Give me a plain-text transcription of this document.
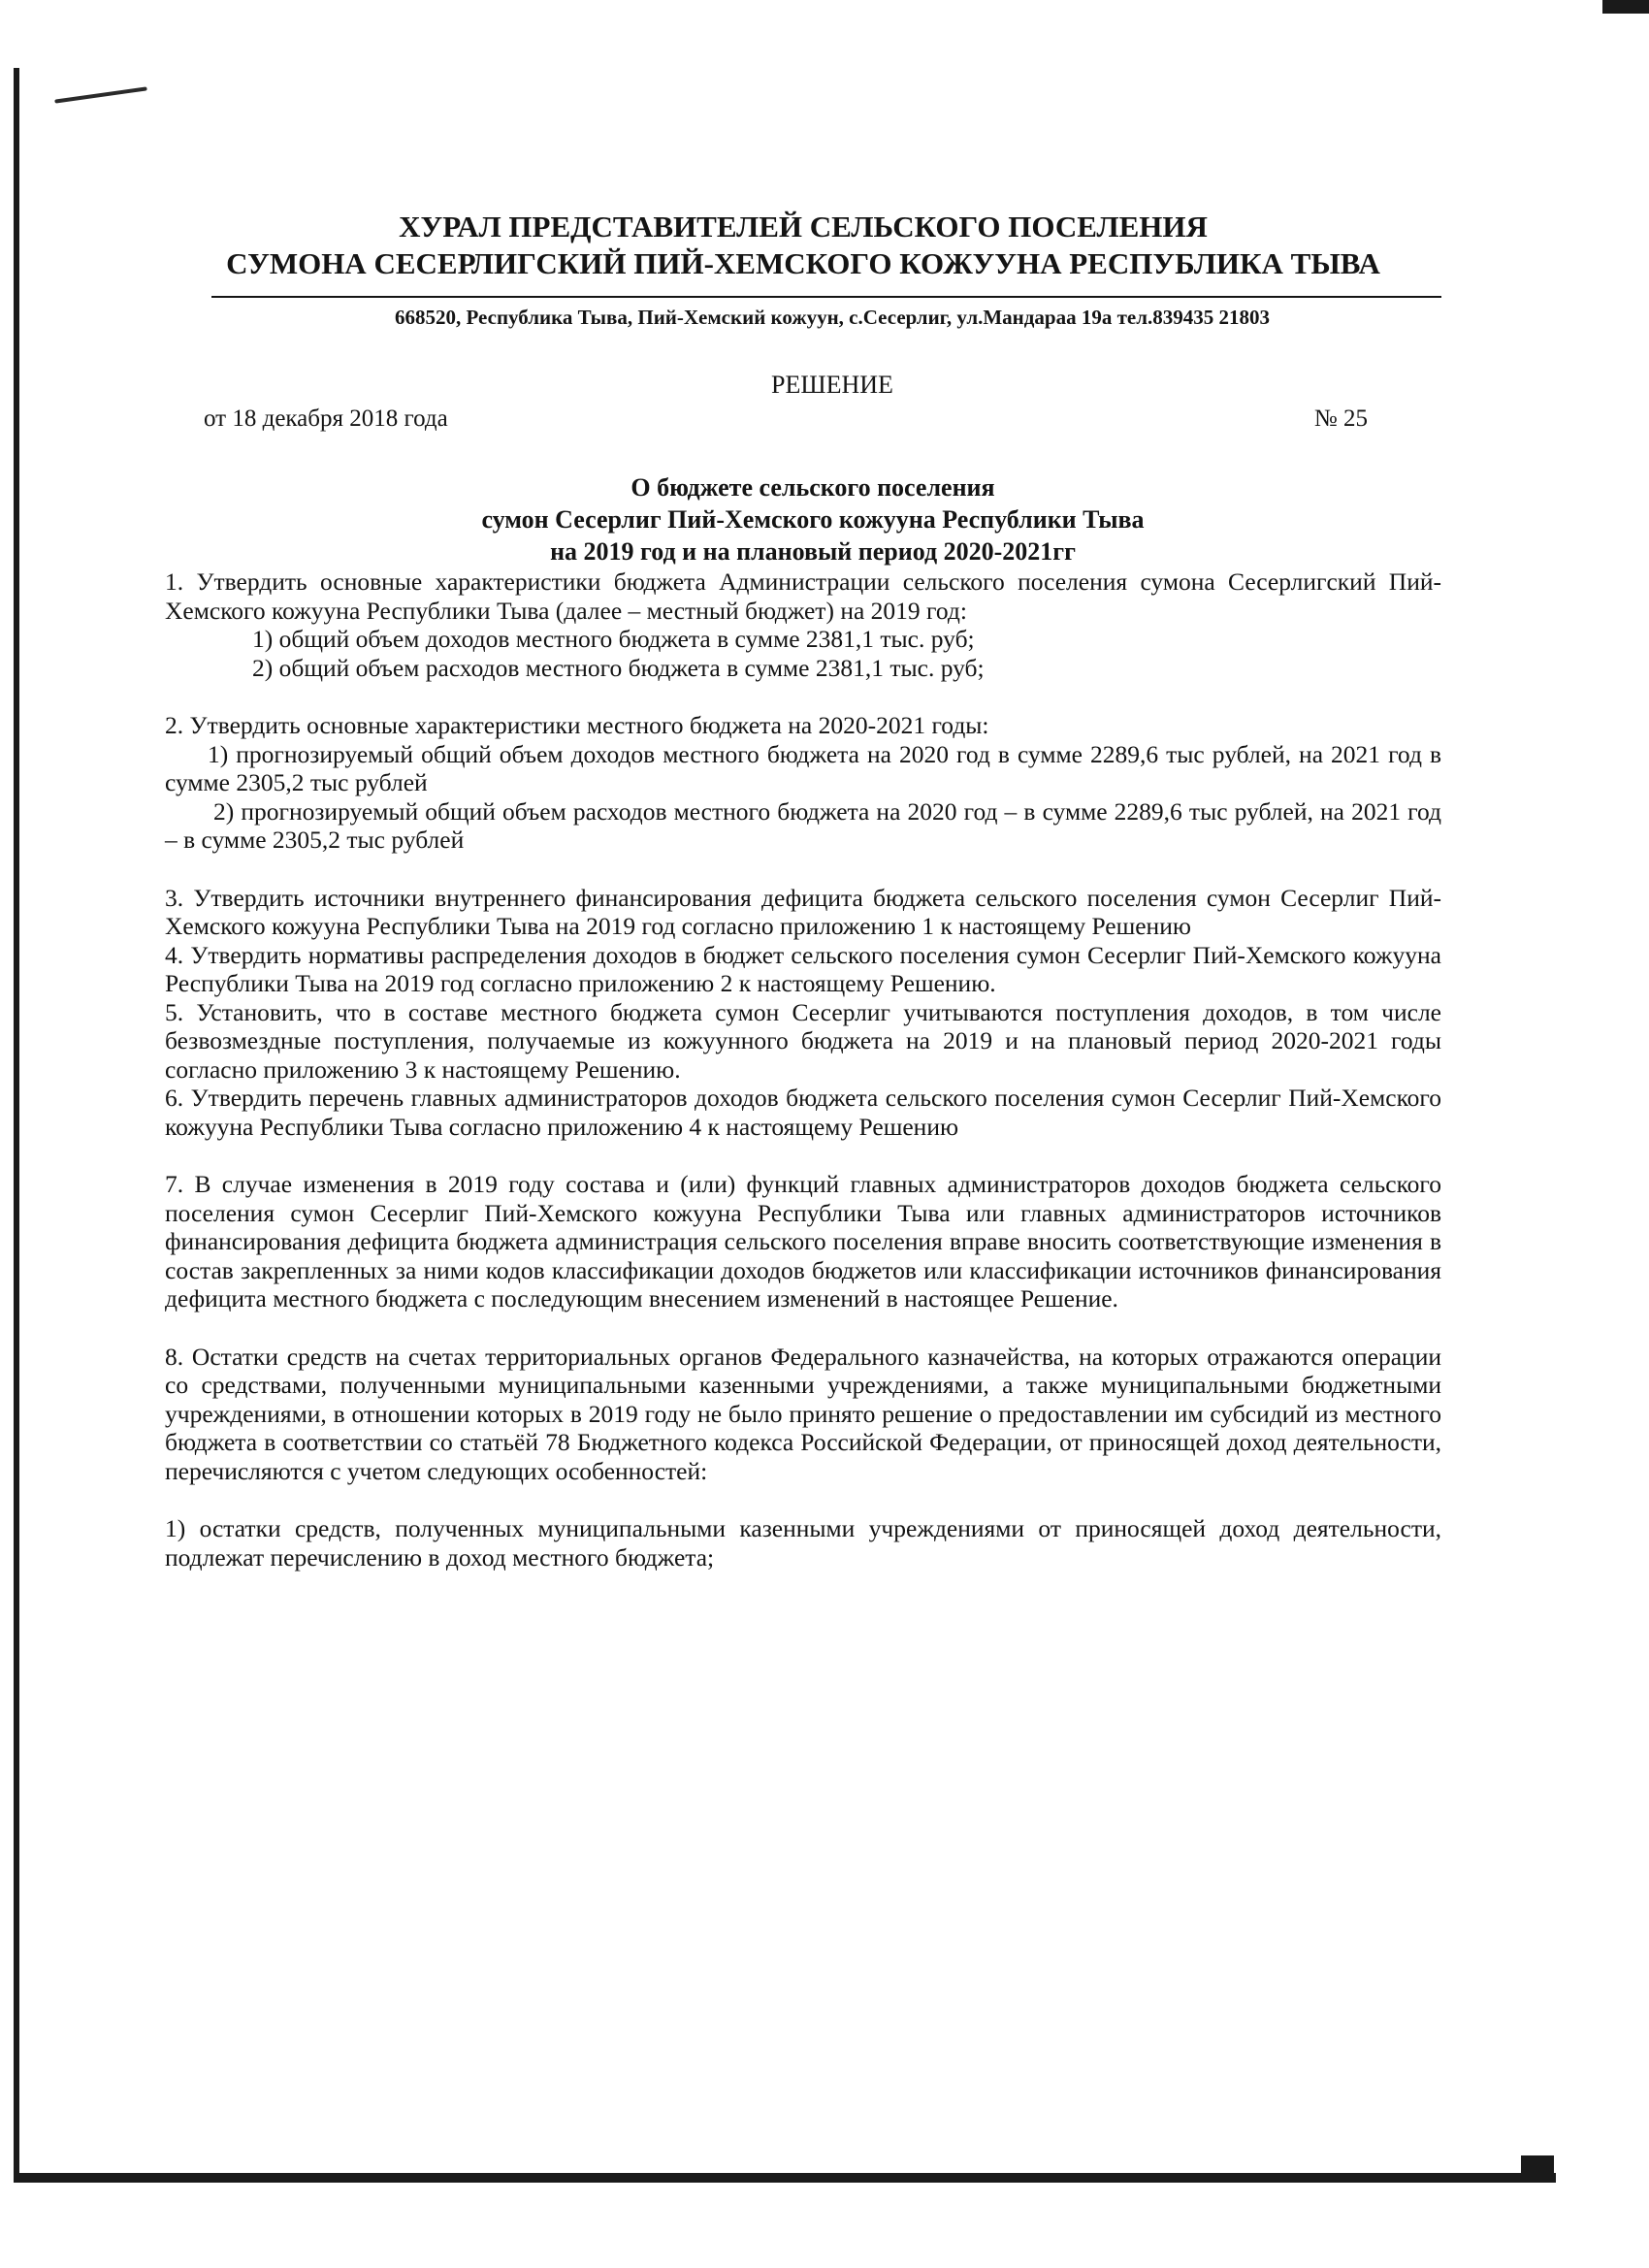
ХУРАЛ ПРЕДСТАВИТЕЛЕЙ СЕЛЬСКОГО ПОСЕЛЕНИЯ

СУМОНА СЕСЕРЛИГСКИЙ ПИЙ-ХЕМСКОГО КОЖУУНА РЕСПУБЛИКА ТЫВА

668520, Республика Тыва, Пий-Хемский кожуун, с.Сесерлиг, ул.Мандараа 19а тел.839435 21803
РЕШЕНИЕ
от 18 декабря 2018 года	№ 25
О бюджете сельского поселения
сумон Сесерлиг Пий-Хемского кожууна Республики Тыва
на 2019 год и на плановый период 2020-2021гг

1. Утвердить основные характеристики бюджета Администрации сельского поселения сумона Сесерлигский Пий-Хемского кожууна Республики Тыва (далее – местный бюджет) на 2019 год:

1) общий объем доходов местного бюджета в сумме 2381,1 тыс. руб;

2) общий объем расходов местного бюджета в сумме 2381,1 тыс. руб;

2. Утвердить основные характеристики местного бюджета на 2020-2021 годы:

1) прогнозируемый общий объем доходов местного бюджета на 2020 год в сумме 2289,6 тыс рублей, на 2021 год в сумме 2305,2 тыс рублей

2) прогнозируемый общий объем расходов местного бюджета на 2020 год – в сумме 2289,6 тыс рублей, на 2021 год – в сумме 2305,2 тыс рублей

3. Утвердить источники внутреннего финансирования дефицита бюджета сельского поселения сумон Сесерлиг Пий-Хемского кожууна Республики Тыва на 2019 год согласно приложению 1 к настоящему Решению

4. Утвердить нормативы распределения доходов в бюджет сельского поселения сумон Сесерлиг Пий-Хемского кожууна Республики Тыва на 2019 год согласно приложению 2 к настоящему Решению.

5. Установить, что в составе местного бюджета сумон Сесерлиг учитываются поступления доходов, в том числе безвозмездные поступления, получаемые из кожуунного бюджета на 2019 и на плановый период 2020-2021 годы согласно приложению 3 к настоящему Решению.

6. Утвердить перечень главных администраторов доходов бюджета сельского поселения сумон Сесерлиг Пий-Хемского кожууна Республики Тыва согласно приложению 4 к настоящему Решению

7. В случае изменения в 2019 году состава и (или) функций главных администраторов доходов бюджета сельского поселения сумон Сесерлиг Пий-Хемского кожууна Республики Тыва или главных администраторов источников финансирования дефицита бюджета администрация сельского поселения вправе вносить соответствующие изменения в состав закрепленных за ними кодов классификации доходов бюджетов или классификации источников финансирования дефицита местного бюджета с последующим внесением изменений в настоящее Решение.

8. Остатки средств на счетах территориальных органов Федерального казначейства, на которых отражаются операции со средствами, полученными муниципальными казенными учреждениями, а также муниципальными бюджетными учреждениями, в отношении которых в 2019 году не было принято решение о предоставлении им субсидий из местного бюджета в соответствии со статьёй 78 Бюджетного кодекса Российской Федерации, от приносящей доход деятельности, перечисляются с учетом следующих особенностей:

1) остатки средств, полученных муниципальными казенными учреждениями от приносящей доход деятельности, подлежат перечислению в доход местного бюджета;
